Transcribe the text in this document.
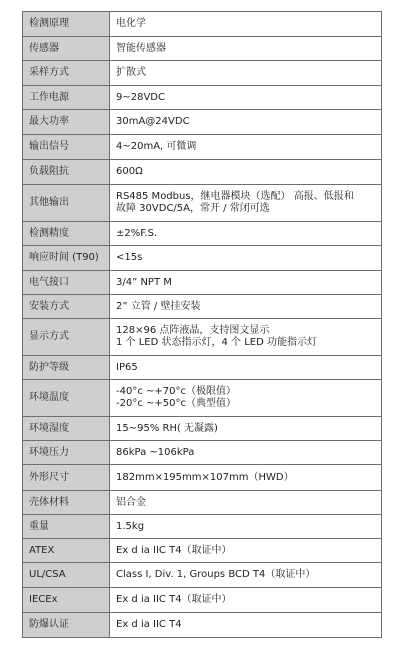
检测原理	电化学

传感器	智能传感器

采样方式	扩散式

工作电源	9~28VDC

最大功率	30mA@24VDC

输出信号	4~20mA, 可微调

负载阻抗	600Ω

其他输出	RS485 Modbus，继电器模块（选配） 高报、低报和
故障 30VDC/5A，常开 / 常闭可选

检测精度	±2%F.S.

响应时间 (T90)	<15s

电气接口	3/4” NPT M

安装方式	2” 立管 / 壁挂安装

显示方式	128×96 点阵液晶，支持图文显示
1 个 LED 状态指示灯，4 个 LED 功能指示灯

防护等级	IP65

环境温度	-40°c ~+70°c（极限值）
-20°c ~+50°c（典型值）

环境湿度	15~95% RH( 无凝露)

环境压力	86kPa ~106kPa

外形尺寸	182mm×195mm×107mm（HWD）

壳体材料	铝合金

重量	1.5kg

ATEX	Ex d ia IIC T4（取证中）

UL/CSA	Class I, Div. 1, Groups BCD T4（取证中）

IECEx	Ex d ia IIC T4（取证中）

防爆认证	Ex d ia IIC T4
